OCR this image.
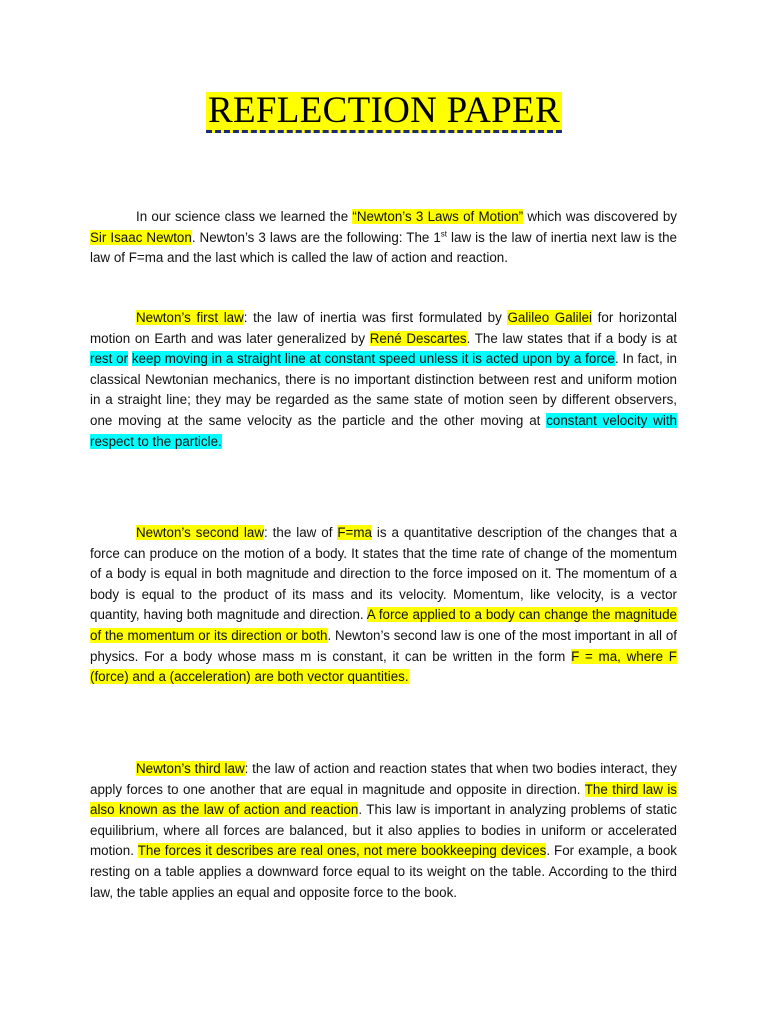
REFLECTION PAPER

In our science class we learned the “Newton’s 3 Laws of Motion” which was discovered by Sir Isaac Newton. Newton’s 3 laws are the following: The 1st law is the law of inertia next law is the law of F=ma and the last which is called the law of action and reaction.

Newton’s first law: the law of inertia was first formulated by Galileo Galilei for horizontal motion on Earth and was later generalized by René Descartes. The law states that if a body is at rest or keep moving in a straight line at constant speed unless it is acted upon by a force. In fact, in classical Newtonian mechanics, there is no important distinction between rest and uniform motion in a straight line; they may be regarded as the same state of motion seen by different observers, one moving at the same velocity as the particle and the other moving at constant velocity with respect to the particle.

Newton’s second law: the law of F=ma is a quantitative description of the changes that a force can produce on the motion of a body. It states that the time rate of change of the momentum of a body is equal in both magnitude and direction to the force imposed on it. The momentum of a body is equal to the product of its mass and its velocity. Momentum, like velocity, is a vector quantity, having both magnitude and direction. A force applied to a body can change the magnitude of the momentum or its direction or both. Newton’s second law is one of the most important in all of physics. For a body whose mass m is constant, it can be written in the form F = ma, where F (force) and a (acceleration) are both vector quantities.

Newton’s third law: the law of action and reaction states that when two bodies interact, they apply forces to one another that are equal in magnitude and opposite in direction. The third law is also known as the law of action and reaction. This law is important in analyzing problems of static equilibrium, where all forces are balanced, but it also applies to bodies in uniform or accelerated motion. The forces it describes are real ones, not mere bookkeeping devices. For example, a book resting on a table applies a downward force equal to its weight on the table. According to the third law, the table applies an equal and opposite force to the book.
